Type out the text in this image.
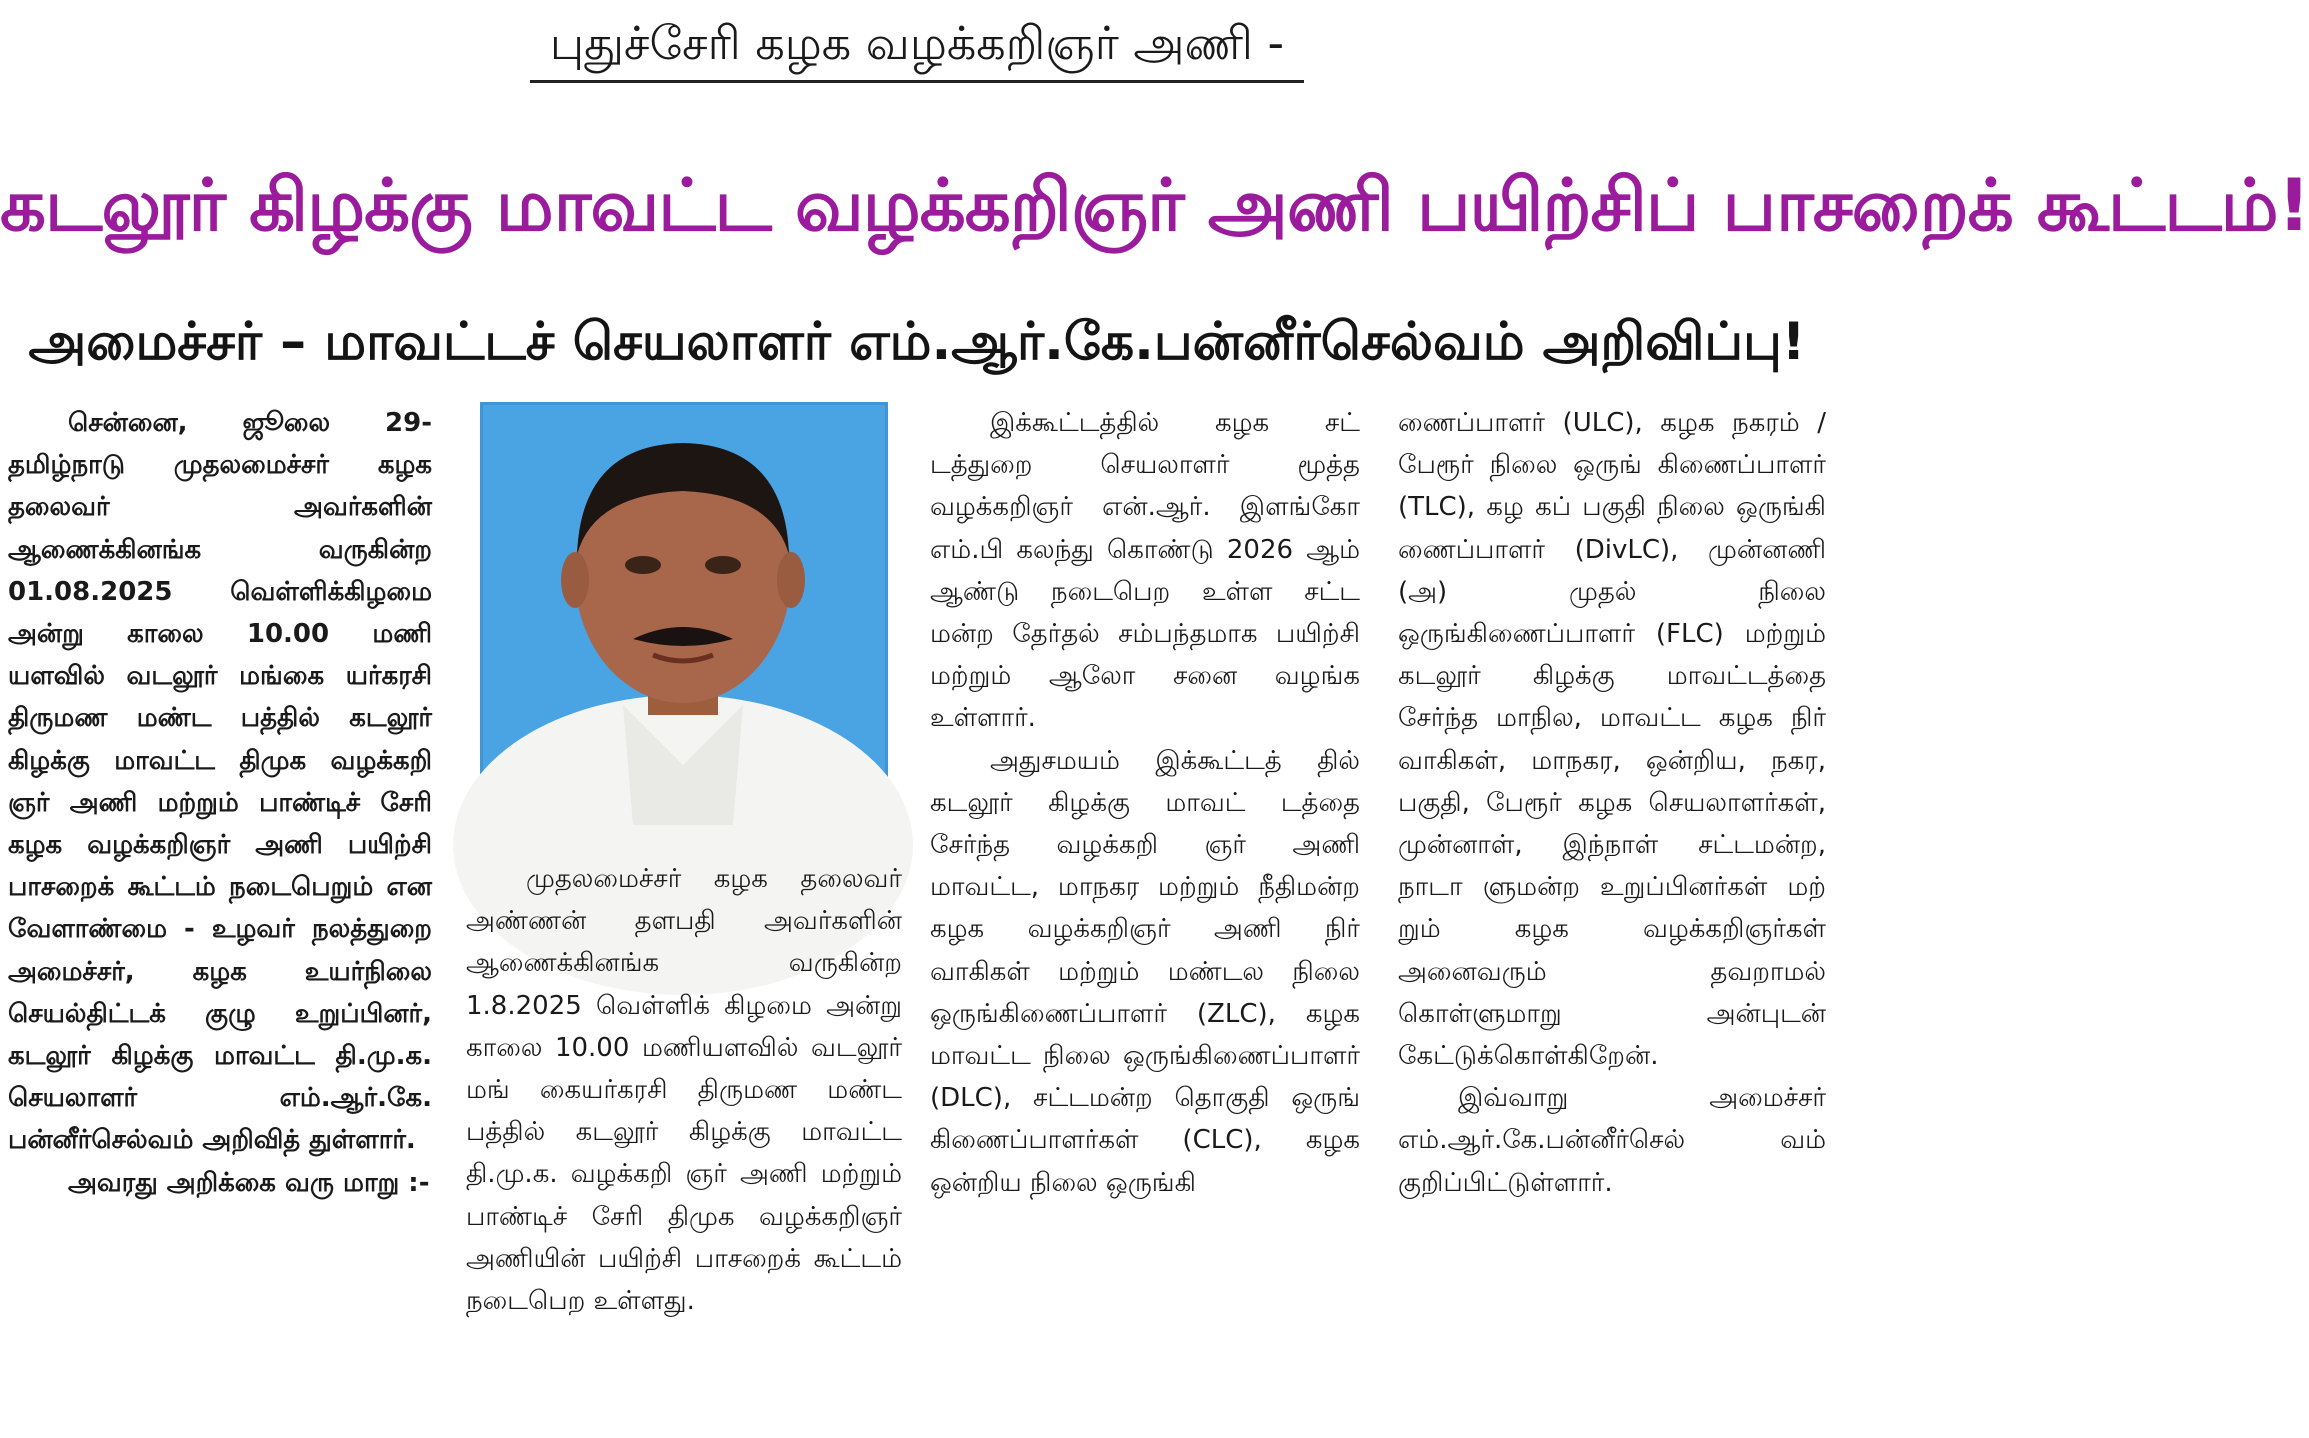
புதுச்சேரி கழக வழக்கறிஞர் அணி -
கடலூர் கிழக்கு மாவட்ட வழக்கறிஞர் அணி பயிற்சிப் பாசறைக் கூட்டம்!
அமைச்சர் – மாவட்டச் செயலாளர் எம்.ஆர்.கே.பன்னீர்செல்வம் அறிவிப்பு!

சென்னை, ஜூலை 29- தமிழ்நாடு முதலமைச்சர் கழக தலைவர் அவர்களின் ஆணைக்கினங்க வருகின்ற 01.08.2025 வெள்ளிக்கிழமை அன்று காலை 10.00 மணி யளவில் வடலூர் மங்கை யர்கரசி திருமண மண்ட பத்தில் கடலூர் கிழக்கு மாவட்ட திமுக வழக்கறி ஞர் அணி மற்றும் பாண்டிச் சேரி கழக வழக்கறிஞர் அணி பயிற்சி பாசறைக் கூட்டம் நடைபெறும் என வேளாண்மை - உழவர் நலத்துறை அமைச்சர், கழக உயர்நிலை செயல்திட்டக் குழு உறுப்பினர், கடலூர் கிழக்கு மாவட்ட தி.மு.க. செயலாளர் எம்.ஆர்.கே. பன்னீர்செல்வம் அறிவித் துள்ளார்.

அவரது அறிக்கை வரு மாறு :-

முதலமைச்சர் கழக தலைவர் அண்ணன் தளபதி அவர்களின் ஆணைக்கினங்க வருகின்ற 1.8.2025 வெள்ளிக் கிழமை அன்று காலை 10.00 மணியளவில் வடலூர் மங் கையர்கரசி திருமண மண்ட பத்தில் கடலூர் கிழக்கு மாவட்ட தி.மு.க. வழக்கறி ஞர் அணி மற்றும் பாண்டிச் சேரி திமுக வழக்கறிஞர் அணியின் பயிற்சி பாசறைக் கூட்டம் நடைபெற உள்ளது.

இக்கூட்டத்தில் கழக சட் டத்துறை செயலாளர் மூத்த வழக்கறிஞர் என்.ஆர். இளங்கோ எம்.பி கலந்து கொண்டு 2026 ஆம் ஆண்டு நடைபெற உள்ள சட்ட மன்ற தேர்தல் சம்பந்தமாக பயிற்சி மற்றும் ஆலோ சனை வழங்க உள்ளார்.

அதுசமயம் இக்கூட்டத் தில் கடலூர் கிழக்கு மாவட் டத்தை சேர்ந்த வழக்கறி ஞர் அணி மாவட்ட, மாநகர மற்றும் நீதிமன்ற கழக வழக்கறிஞர் அணி நிர் வாகிகள் மற்றும் மண்டல நிலை ஒருங்கிணைப்பாளர் (ZLC), கழக மாவட்ட நிலை ஒருங்கிணைப்பாளர் (DLC), சட்டமன்ற தொகுதி ஒருங் கிணைப்பாளர்கள் (CLC), கழக ஒன்றிய நிலை ஒருங்கி

ணைப்பாளர் (ULC), கழக நகரம் / பேரூர் நிலை ஒருங் கிணைப்பாளர் (TLC), கழ கப் பகுதி நிலை ஒருங்கி ணைப்பாளர் (DivLC), முன்னணி (அ) முதல் நிலை ஒருங்கிணைப்பாளர் (FLC) மற்றும் கடலூர் கிழக்கு மாவட்டத்தை சேர்ந்த மாநில, மாவட்ட கழக நிர் வாகிகள், மாநகர, ஒன்றிய, நகர, பகுதி, பேரூர் கழக செயலாளர்கள், முன்னாள், இந்நாள் சட்டமன்ற, நாடா ளுமன்ற உறுப்பினர்கள் மற் றும் கழக வழக்கறிஞர்கள் அனைவரும் தவறாமல் கொள்ளுமாறு அன்புடன் கேட்டுக்கொள்கிறேன்.

இவ்வாறு அமைச்சர் எம்.ஆர்.கே.பன்னீர்செல் வம் குறிப்பிட்டுள்ளார்.
